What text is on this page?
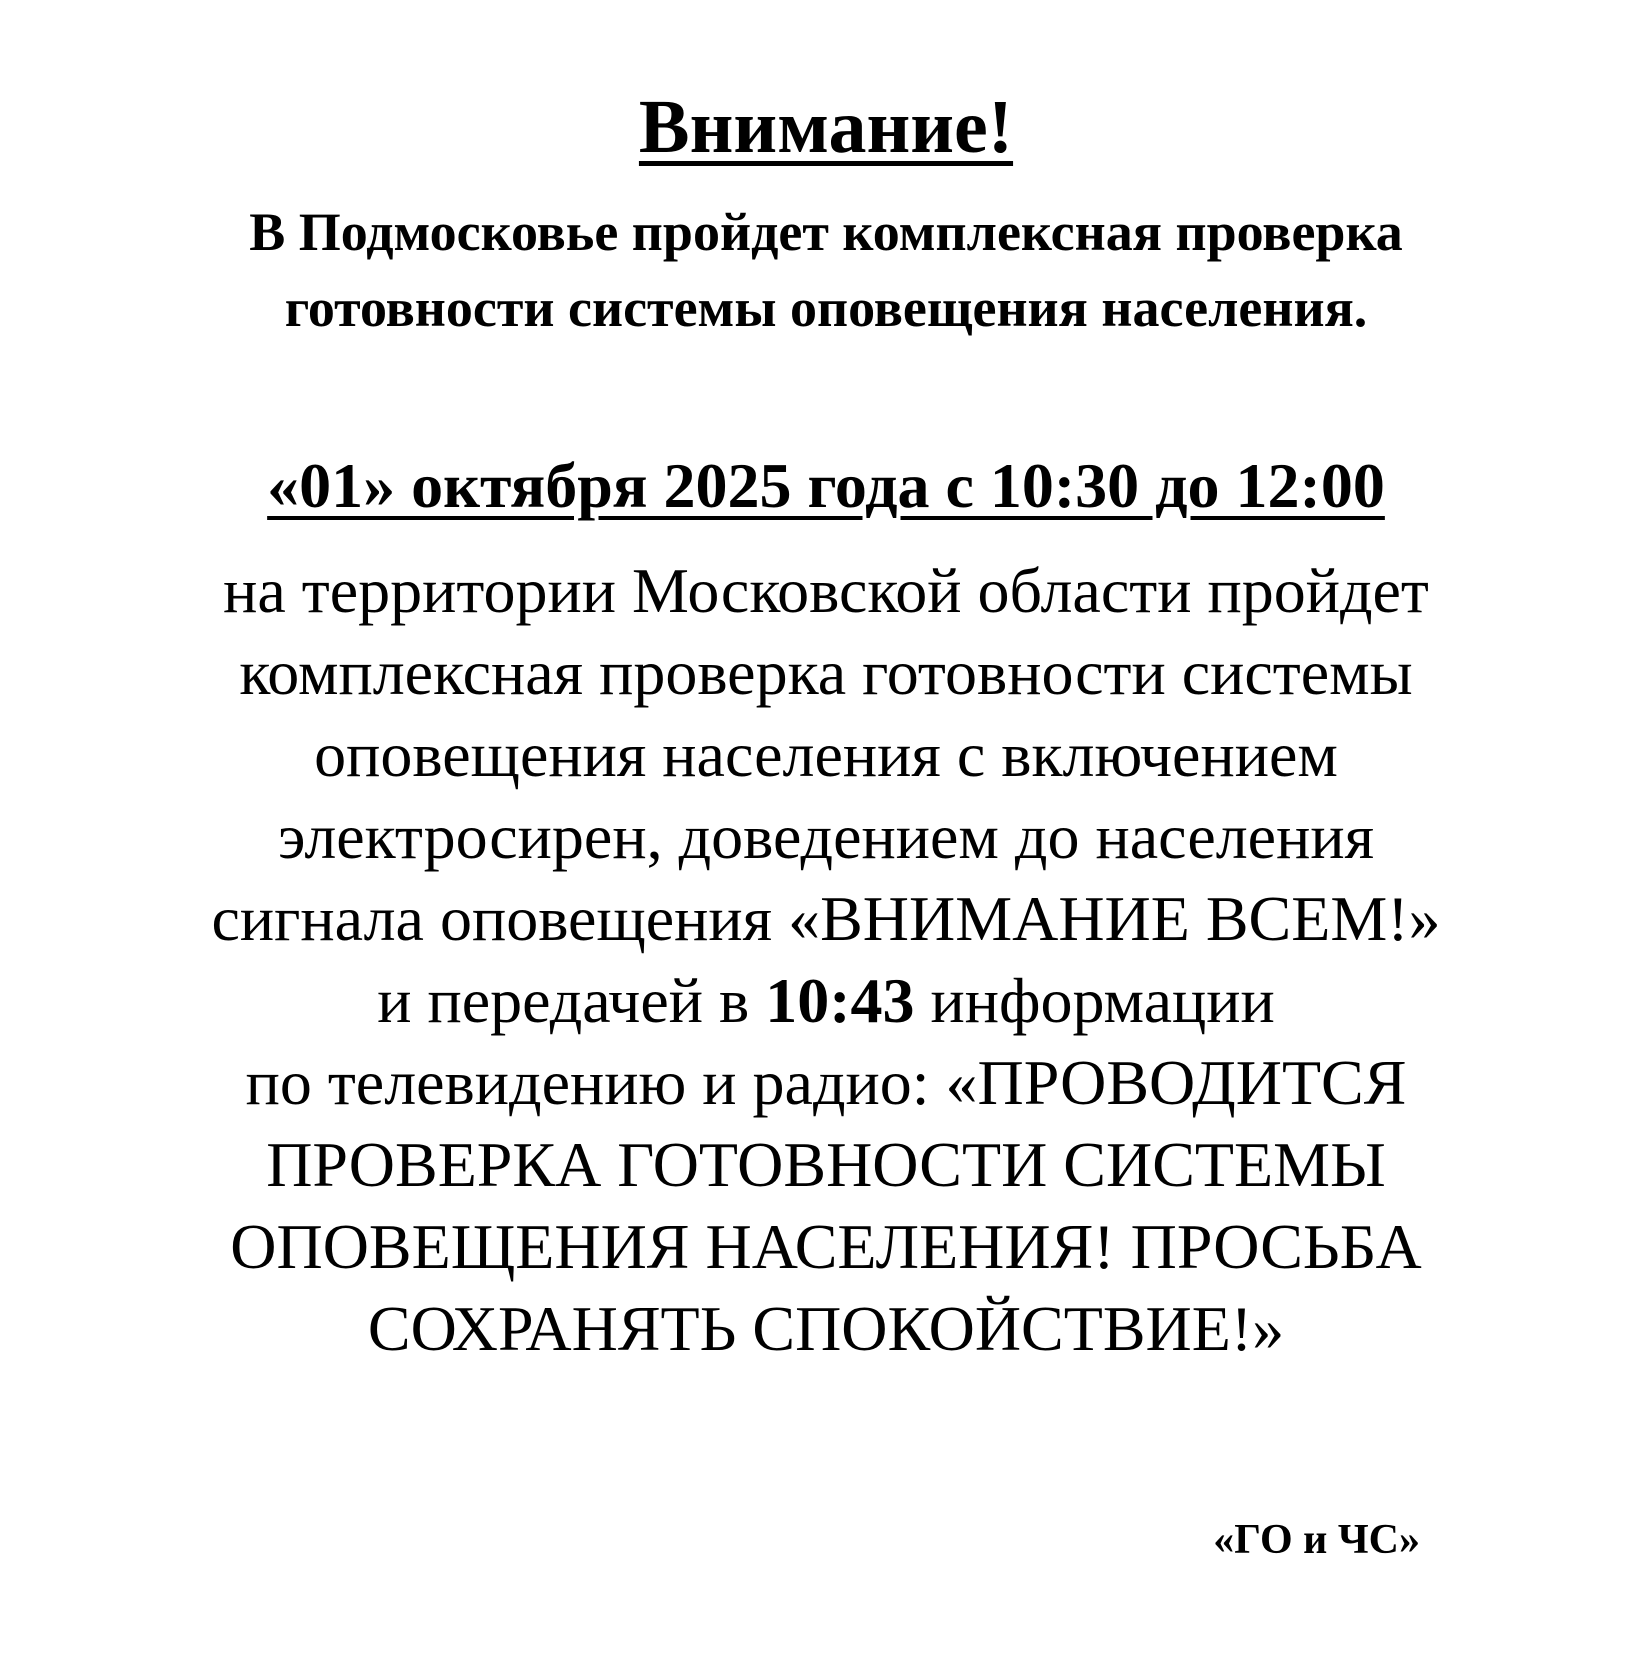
Внимание!
В Подмосковье пройдет комплексная проверка
готовности системы оповещения населения.
«01» октября 2025 года с 10:30 до 12:00
на территории Московской области пройдет
комплексная проверка готовности системы
оповещения населения с включением
электросирен, доведением до населения
сигнала оповещения «ВНИМАНИЕ ВСЕМ!»
и передачей в 10:43 информации
по телевидению и радио: «ПРОВОДИТСЯ
ПРОВЕРКА ГОТОВНОСТИ СИСТЕМЫ
ОПОВЕЩЕНИЯ НАСЕЛЕНИЯ! ПРОСЬБА
СОХРАНЯТЬ СПОКОЙСТВИЕ!»
«ГО и ЧС»
